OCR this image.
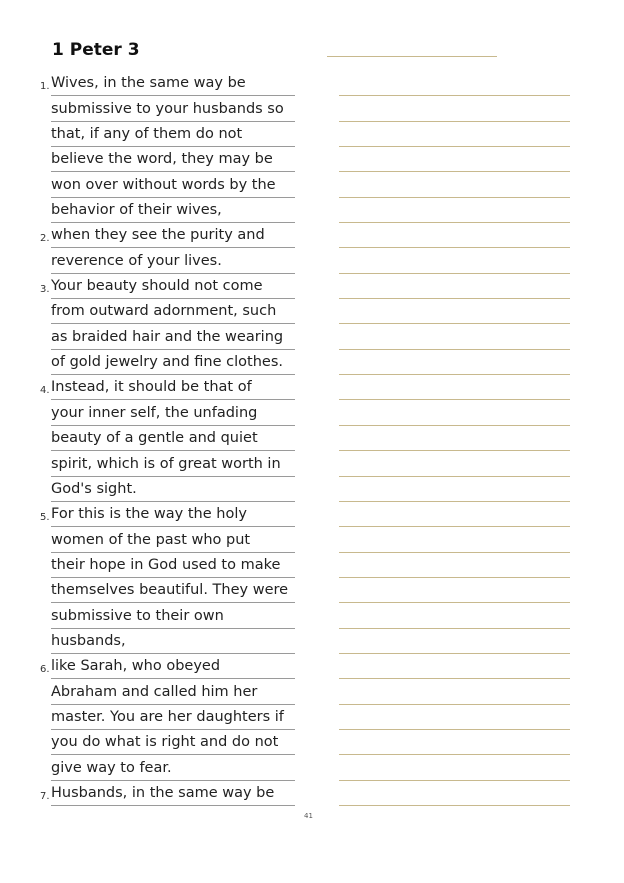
1 Peter 3
1. Wives, in the same way be
submissive to your husbands so
that, if any of them do not
believe the word, they may be
won over without words by the
behavior of their wives,
2. when they see the purity and
reverence of your lives.
3. Your beauty should not come
from outward adornment, such
as braided hair and the wearing
of gold jewelry and fine clothes.
4. Instead, it should be that of
your inner self, the unfading
beauty of a gentle and quiet
spirit, which is of great worth in
God's sight.
5. For this is the way the holy
women of the past who put
their hope in God used to make
themselves beautiful. They were
submissive to their own
husbands,
6. like Sarah, who obeyed
Abraham and called him her
master. You are her daughters if
you do what is right and do not
give way to fear.
7. Husbands, in the same way be
41
